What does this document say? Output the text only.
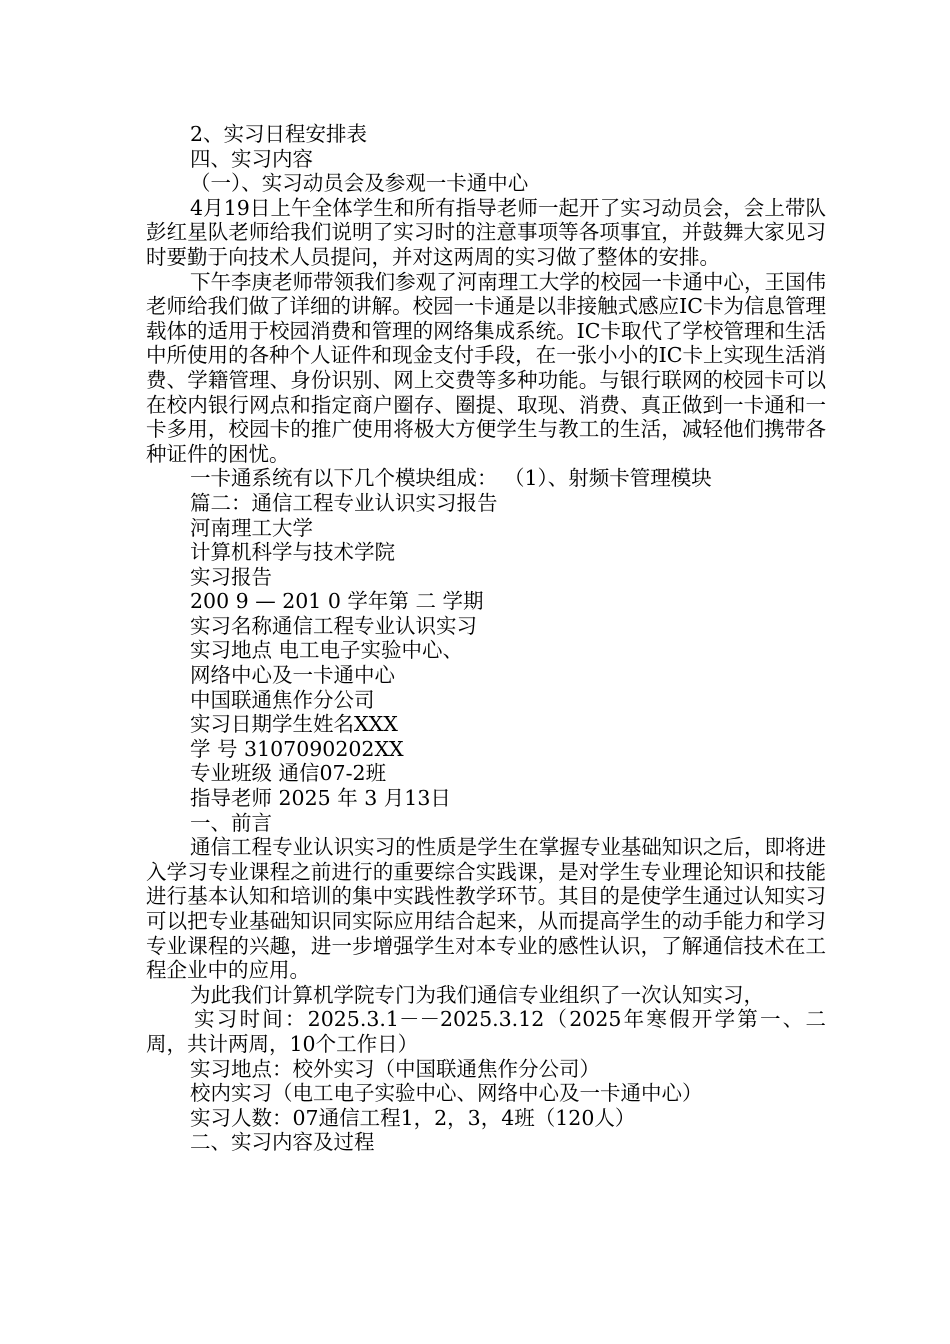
2、实习日程安排表
四、实习内容
（一）、实习动员会及参观一卡通中心

4月19日上午全体学生和所有指导老师一起开了实习动员会，会上带队彭红星队老师给我们说明了实习时的注意事项等各项事宜，并鼓舞大家见习时要勤于向技术人员提问，并对这两周的实习做了整体的安排。

下午李庚老师带领我们参观了河南理工大学的校园一卡通中心，王国伟老师给我们做了详细的讲解。校园一卡通是以非接触式感应IC卡为信息管理载体的适用于校园消费和管理的网络集成系统。IC卡取代了学校管理和生活中所使用的各种个人证件和现金支付手段，在一张小小的IC卡上实现生活消费、学籍管理、身份识别、网上交费等多种功能。与银行联网的校园卡可以在校内银行网点和指定商户圈存、圈提、取现、消费、真正做到一卡通和一卡多用，校园卡的推广使用将极大方便学生与教工的生活，减轻他们携带各种证件的困忧。

一卡通系统有以下几个模块组成： （1）、射频卡管理模块
篇二：通信工程专业认识实习报告
河南理工大学
计算机科学与技术学院
实习报告
200 9 — 201 0 学年第 二 学期
实习名称通信工程专业认识实习
实习地点 电工电子实验中心、
网络中心及一卡通中心
中国联通焦作分公司
实习日期学生姓名XXX
学 号 3107090202XX
专业班级 通信07-2班
指导老师 2025 年 3 月13日
一、前言

通信工程专业认识实习的性质是学生在掌握专业基础知识之后，即将进入学习专业课程之前进行的重要综合实践课，是对学生专业理论知识和技能进行基本认知和培训的集中实践性教学环节。其目的是使学生通过认知实习可以把专业基础知识同实际应用结合起来，从而提高学生的动手能力和学习专业课程的兴趣，进一步增强学生对本专业的感性认识，了解通信技术在工程企业中的应用。

为此我们计算机学院专门为我们通信专业组织了一次认知实习，

实习时间：2025.3.1－－2025.3.12（2025年寒假开学第一、二周，共计两周，10个工作日）

实习地点：校外实习（中国联通焦作分公司）
校内实习（电工电子实验中心、网络中心及一卡通中心）
实习人数：07通信工程1，2，3，4班（120人）
二、实习内容及过程
